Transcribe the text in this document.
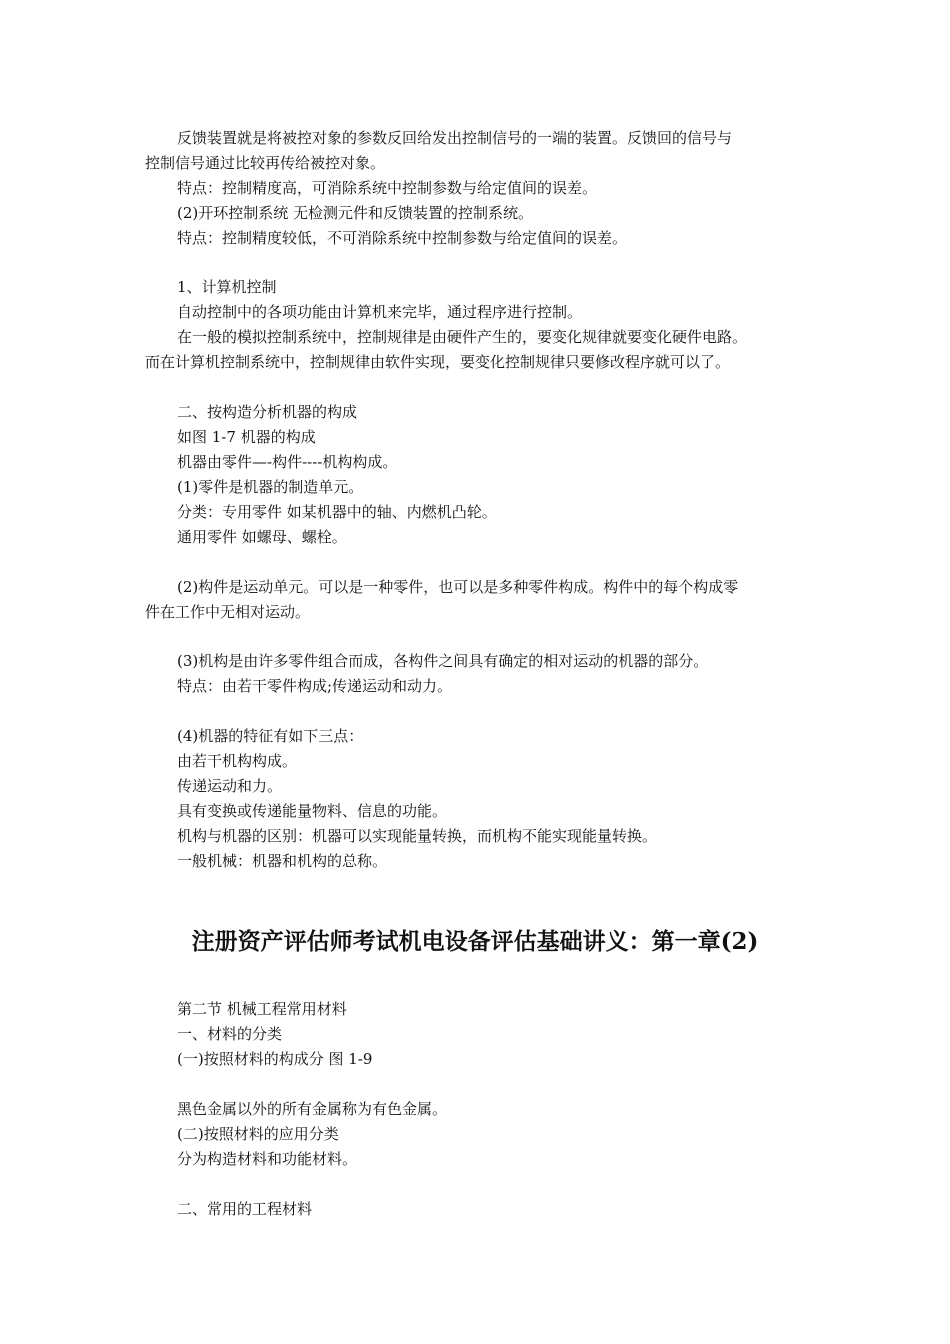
反馈装置就是将被控对象的参数反回给发出控制信号的一端的装置。反馈回的信号与
控制信号通过比较再传给被控对象。
特点：控制精度高，可消除系统中控制参数与给定值间的误差。
(2)开环控制系统 无检测元件和反馈装置的控制系统。
特点：控制精度较低，不可消除系统中控制参数与给定值间的误差。
1、计算机控制
自动控制中的各项功能由计算机来完毕，通过程序进行控制。
在一般的模拟控制系统中，控制规律是由硬件产生的，要变化规律就要变化硬件电路。
而在计算机控制系统中，控制规律由软件实现，要变化控制规律只要修改程序就可以了。
二、按构造分析机器的构成
如图 1-7 机器的构成
机器由零件—-构件----机构构成。
(1)零件是机器的制造单元。
分类：专用零件 如某机器中的轴、内燃机凸轮。
通用零件 如螺母、螺栓。
(2)构件是运动单元。可以是一种零件，也可以是多种零件构成。构件中的每个构成零
件在工作中无相对运动。
(3)机构是由许多零件组合而成，各构件之间具有确定的相对运动的机器的部分。
特点：由若干零件构成;传递运动和动力。
(4)机器的特征有如下三点：
由若干机构构成。
传递运动和力。
具有变换或传递能量物料、信息的功能。
机构与机器的区别：机器可以实现能量转换，而机构不能实现能量转换。
一般机械：机器和机构的总称。
注册资产评估师考试机电设备评估基础讲义：第一章(2)
第二节 机械工程常用材料
一、材料的分类
(一)按照材料的构成分 图 1-9
黑色金属以外的所有金属称为有色金属。
(二)按照材料的应用分类
分为构造材料和功能材料。
二、常用的工程材料
